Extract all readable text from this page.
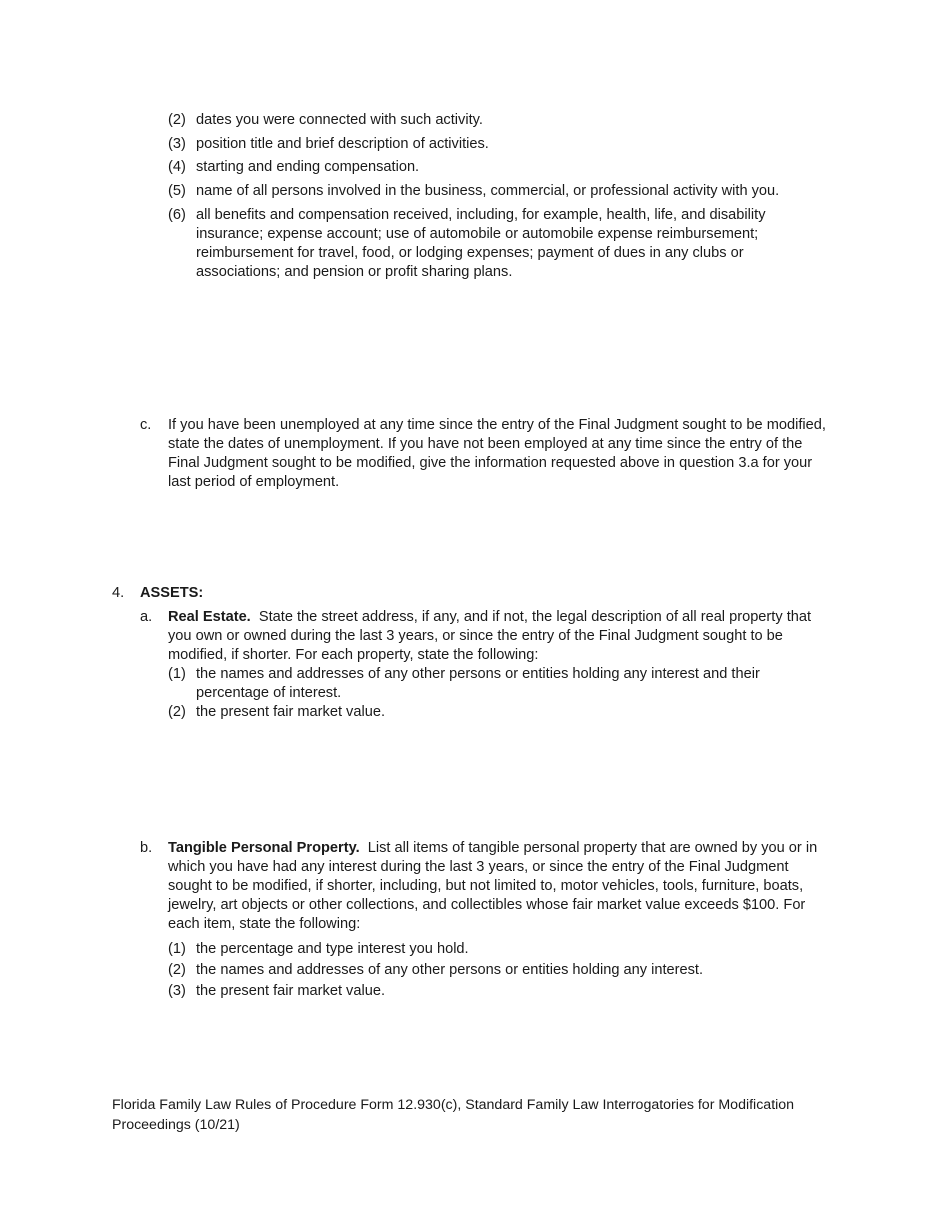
(2) dates you were connected with such activity.
(3) position title and brief description of activities.
(4) starting and ending compensation.
(5) name of all persons involved in the business, commercial, or professional activity with you.
(6) all benefits and compensation received, including, for example, health, life, and disability insurance; expense account; use of automobile or automobile expense reimbursement; reimbursement for travel, food, or lodging expenses; payment of dues in any clubs or associations; and pension or profit sharing plans.
c. If you have been unemployed at any time since the entry of the Final Judgment sought to be modified, state the dates of unemployment. If you have not been employed at any time since the entry of the Final Judgment sought to be modified, give the information requested above in question 3.a for your last period of employment.
4. ASSETS:
a. Real Estate. State the street address, if any, and if not, the legal description of all real property that you own or owned during the last 3 years, or since the entry of the Final Judgment sought to be modified, if shorter. For each property, state the following:
(1) the names and addresses of any other persons or entities holding any interest and their percentage of interest.
(2) the present fair market value.
b. Tangible Personal Property. List all items of tangible personal property that are owned by you or in which you have had any interest during the last 3 years, or since the entry of the Final Judgment sought to be modified, if shorter, including, but not limited to, motor vehicles, tools, furniture, boats, jewelry, art objects or other collections, and collectibles whose fair market value exceeds $100. For each item, state the following:
(1) the percentage and type interest you hold.
(2) the names and addresses of any other persons or entities holding any interest.
(3) the present fair market value.
Florida Family Law Rules of Procedure Form 12.930(c), Standard Family Law Interrogatories for Modification Proceedings (10/21)
